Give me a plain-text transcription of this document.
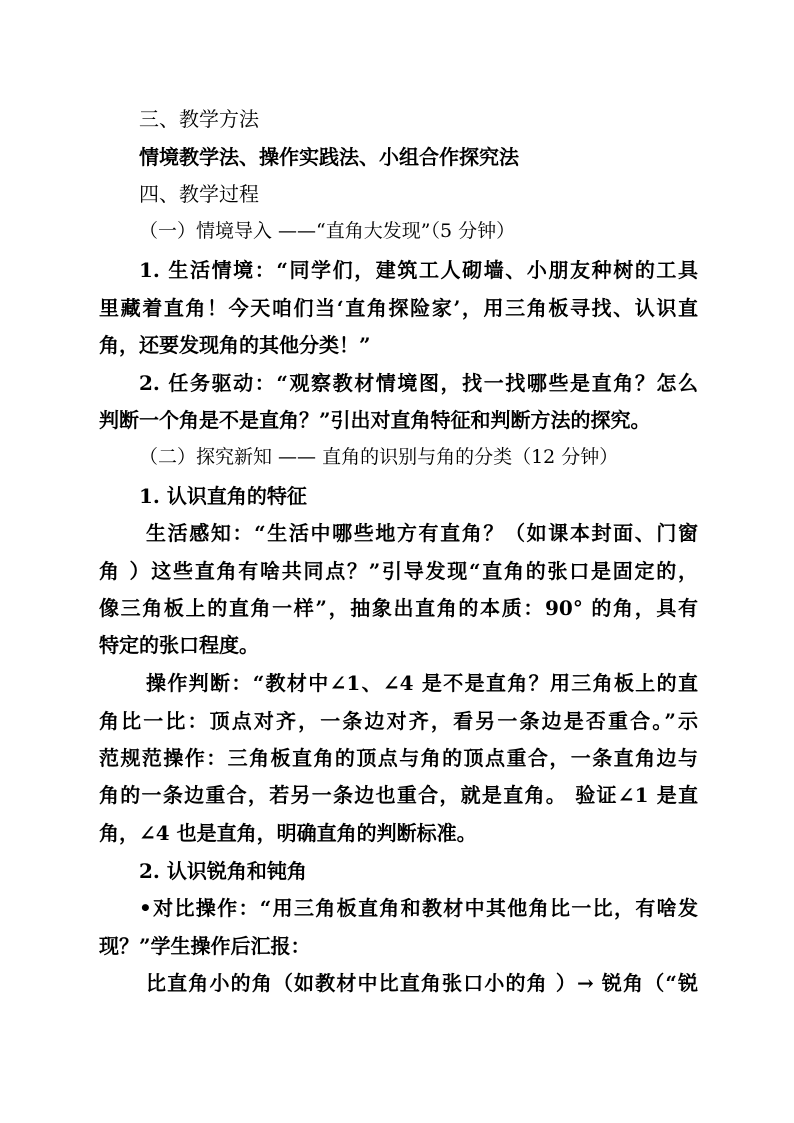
三、教学方法

情境教学法、操作实践法、小组合作探究法

四、教学过程

（一）情境导入 ——“直角大发现”（5 分钟）

1. 生活情境：“同学们，建筑工人砌墙、小朋友种树的工具

里藏着直角！今天咱们当‘直角探险家’，用三角板寻找、认识直

角，还要发现角的其他分类！”

2. 任务驱动：“观察教材情境图，找一找哪些是直角？怎么

判断一个角是不是直角？”引出对直角特征和判断方法的探究。

（二）探究新知 —— 直角的识别与角的分类（12 分钟）

1. 认识直角的特征

生活感知：“生活中哪些地方有直角？（如课本封面、门窗

角 ）这些直角有啥共同点？”引导发现“直角的张口是固定的，

像三角板上的直角一样”，抽象出直角的本质：90° 的角，具有

特定的张口程度。

操作判断：“教材中∠1、∠4 是不是直角？用三角板上的直

角比一比：顶点对齐，一条边对齐，看另一条边是否重合。”示

范规范操作：三角板直角的顶点与角的顶点重合，一条直角边与

角的一条边重合，若另一条边也重合，就是直角。 验证∠1 是直

角，∠4 也是直角，明确直角的判断标准。

2. 认识锐角和钝角

•对比操作：“用三角板直角和教材中其他角比一比，有啥发

现？”学生操作后汇报：

比直角小的角（如教材中比直角张口小的角 ）→ 锐角（“锐
